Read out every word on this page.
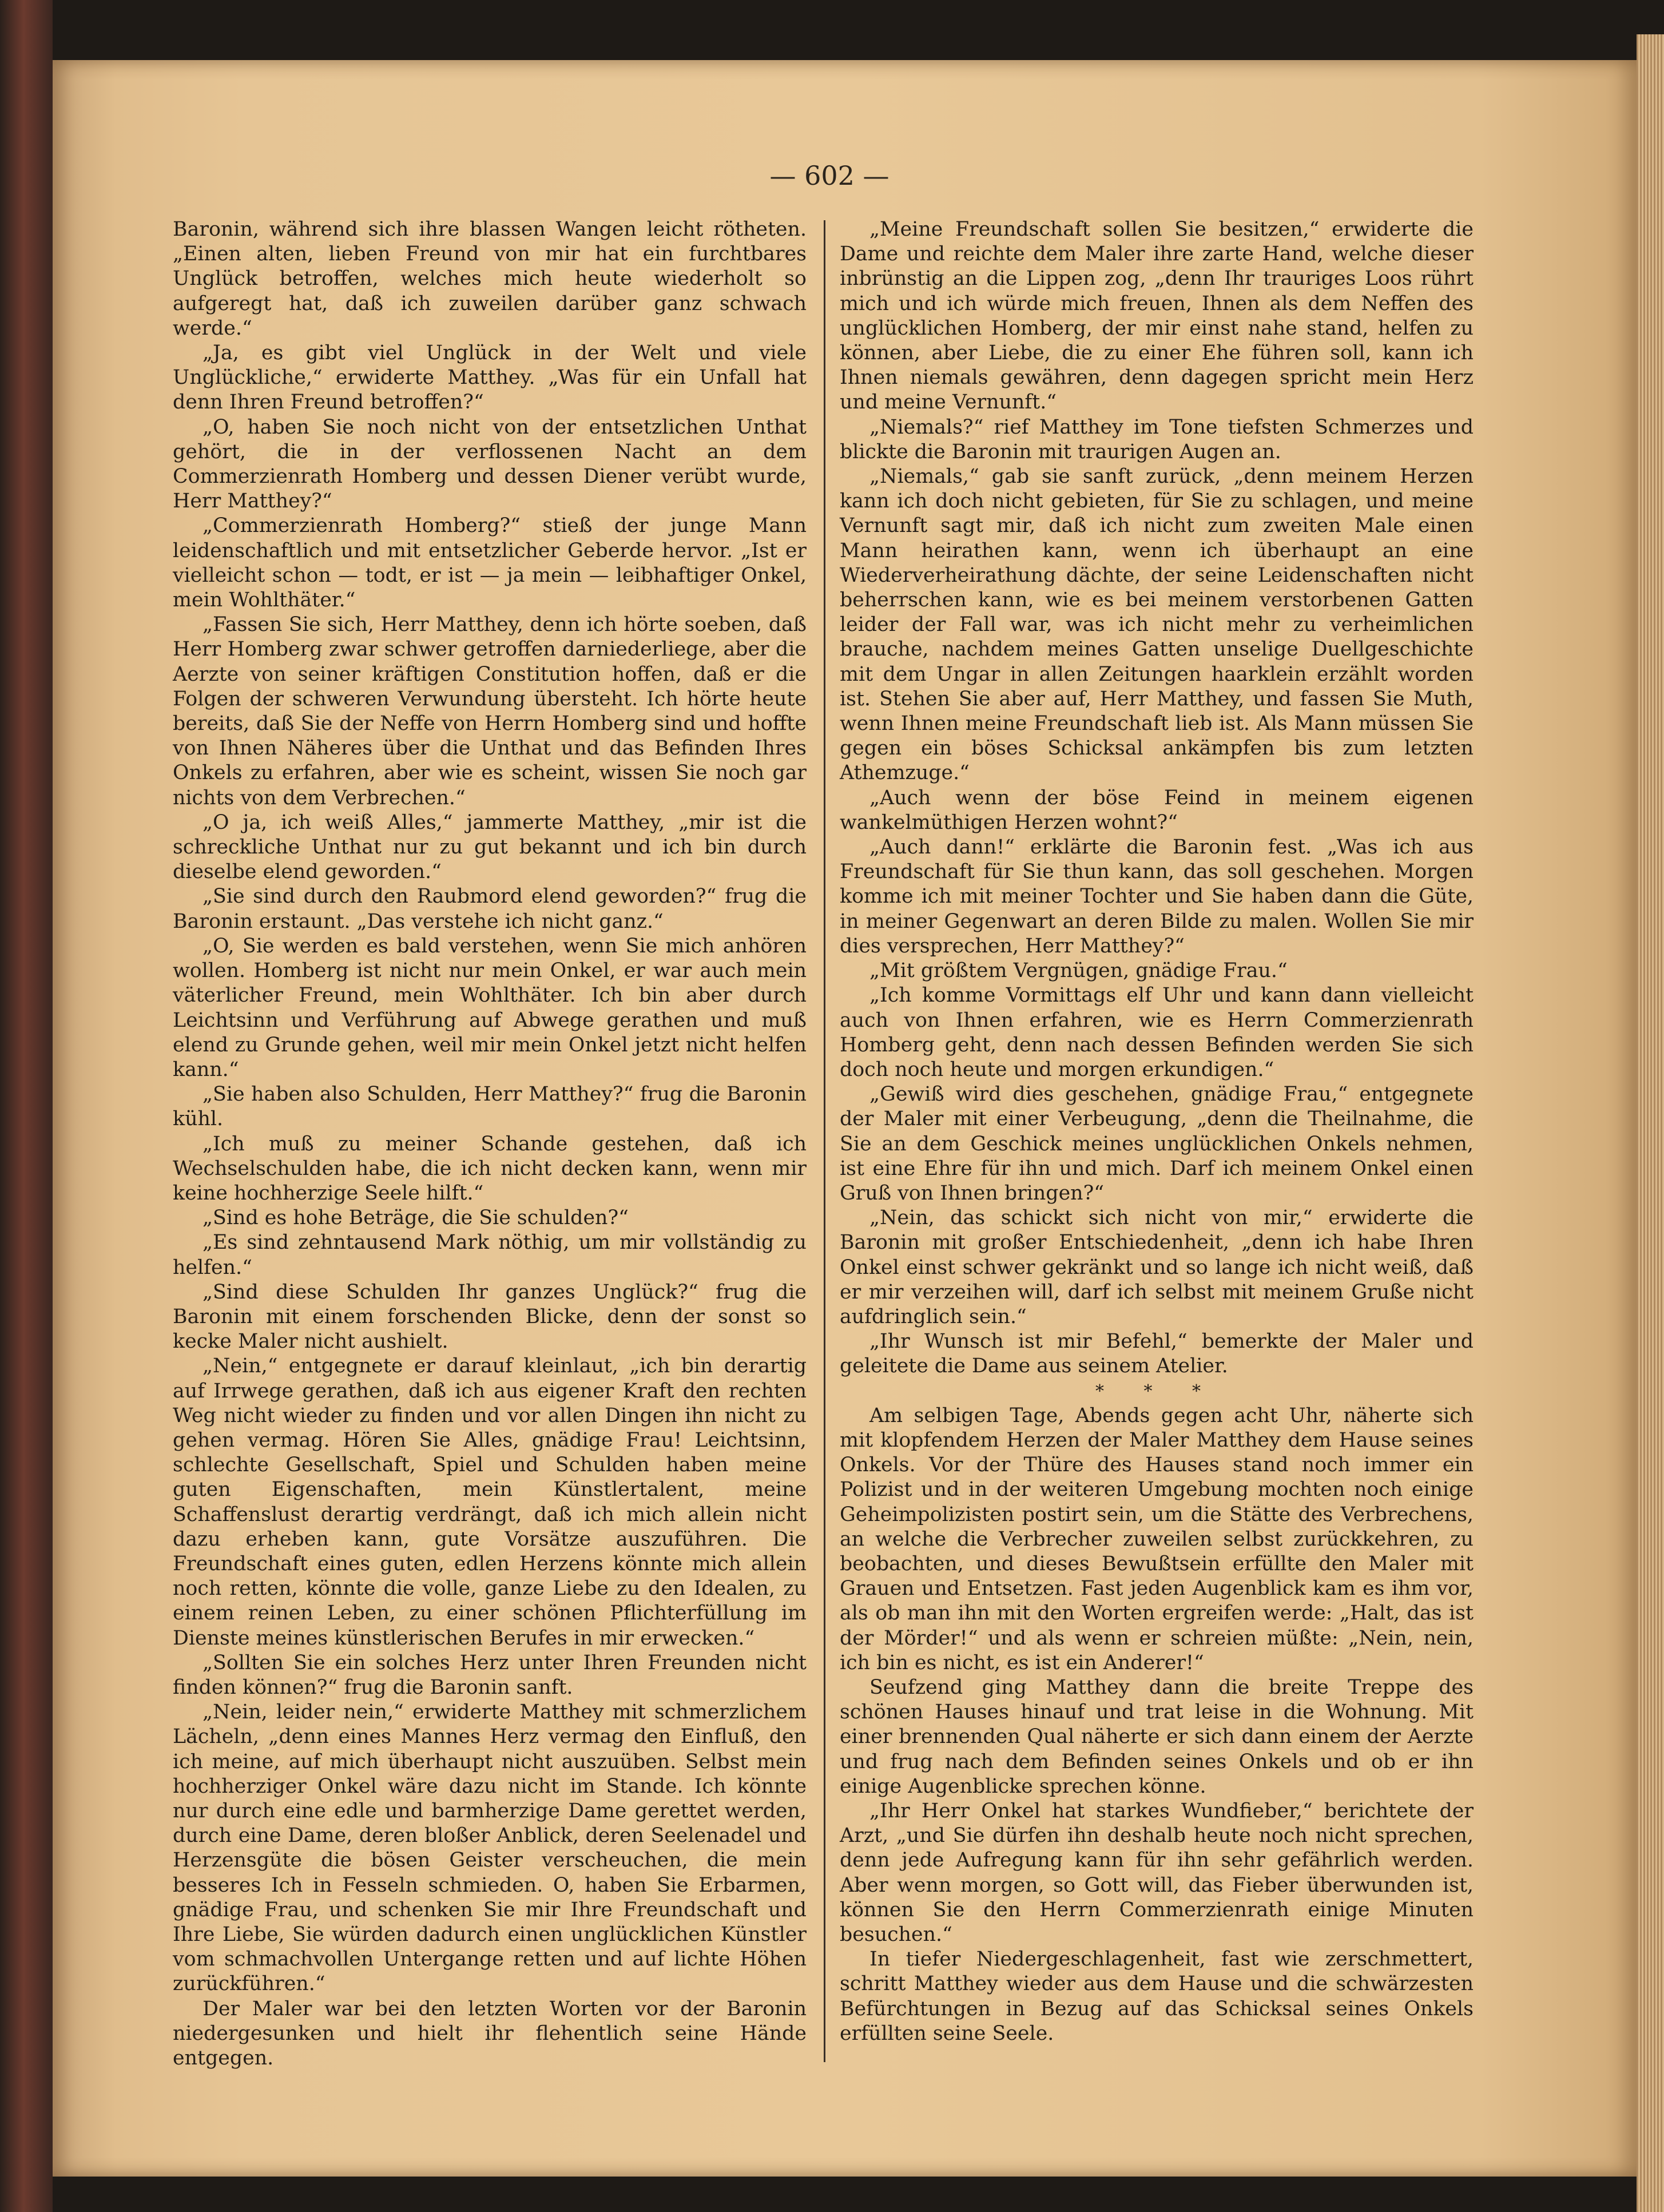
— 602 —

Baronin, während sich ihre blassen Wangen leicht rötheten. „Einen alten, lieben Freund von mir hat ein furchtbares Unglück betroffen, welches mich heute wiederholt so aufgeregt hat, daß ich zuweilen darüber ganz schwach werde.“

„Ja, es gibt viel Unglück in der Welt und viele Unglückliche,“ erwiderte Matthey. „Was für ein Unfall hat denn Ihren Freund betroffen?“

„O, haben Sie noch nicht von der entsetzlichen Unthat gehört, die in der verflossenen Nacht an dem Commerzienrath Homberg und dessen Diener verübt wurde, Herr Matthey?“

„Commerzienrath Homberg?“ stieß der junge Mann leidenschaftlich und mit entsetzlicher Geberde hervor. „Ist er vielleicht schon — todt, er ist — ja mein — leibhaftiger Onkel, mein Wohlthäter.“

„Fassen Sie sich, Herr Matthey, denn ich hörte soeben, daß Herr Homberg zwar schwer getroffen darniederliege, aber die Aerzte von seiner kräftigen Constitution hoffen, daß er die Folgen der schweren Verwundung übersteht. Ich hörte heute bereits, daß Sie der Neffe von Herrn Homberg sind und hoffte von Ihnen Näheres über die Unthat und das Befinden Ihres Onkels zu erfahren, aber wie es scheint, wissen Sie noch gar nichts von dem Verbrechen.“

„O ja, ich weiß Alles,“ jammerte Matthey, „mir ist die schreckliche Unthat nur zu gut bekannt und ich bin durch dieselbe elend geworden.“

„Sie sind durch den Raubmord elend geworden?“ frug die Baronin erstaunt. „Das verstehe ich nicht ganz.“

„O, Sie werden es bald verstehen, wenn Sie mich anhören wollen. Homberg ist nicht nur mein Onkel, er war auch mein väterlicher Freund, mein Wohlthäter. Ich bin aber durch Leichtsinn und Verführung auf Abwege gerathen und muß elend zu Grunde gehen, weil mir mein Onkel jetzt nicht helfen kann.“

„Sie haben also Schulden, Herr Matthey?“ frug die Baronin kühl.

„Ich muß zu meiner Schande gestehen, daß ich Wechselschulden habe, die ich nicht decken kann, wenn mir keine hochherzige Seele hilft.“

„Sind es hohe Beträge, die Sie schulden?“

„Es sind zehntausend Mark nöthig, um mir vollständig zu helfen.“

„Sind diese Schulden Ihr ganzes Unglück?“ frug die Baronin mit einem forschenden Blicke, denn der sonst so kecke Maler nicht aushielt.

„Nein,“ entgegnete er darauf kleinlaut, „ich bin derartig auf Irrwege gerathen, daß ich aus eigener Kraft den rechten Weg nicht wieder zu finden und vor allen Dingen ihn nicht zu gehen vermag. Hören Sie Alles, gnädige Frau! Leichtsinn, schlechte Gesellschaft, Spiel und Schulden haben meine guten Eigenschaften, mein Künstlertalent, meine Schaffenslust derartig verdrängt, daß ich mich allein nicht dazu erheben kann, gute Vorsätze auszuführen. Die Freundschaft eines guten, edlen Herzens könnte mich allein noch retten, könnte die volle, ganze Liebe zu den Idealen, zu einem reinen Leben, zu einer schönen Pflichterfüllung im Dienste meines künstlerischen Berufes in mir erwecken.“

„Sollten Sie ein solches Herz unter Ihren Freunden nicht finden können?“ frug die Baronin sanft.

„Nein, leider nein,“ erwiderte Matthey mit schmerzlichem Lächeln, „denn eines Mannes Herz vermag den Einfluß, den ich meine, auf mich überhaupt nicht auszuüben. Selbst mein hochherziger Onkel wäre dazu nicht im Stande. Ich könnte nur durch eine edle und barmherzige Dame gerettet werden, durch eine Dame, deren bloßer Anblick, deren Seelenadel und Herzensgüte die bösen Geister verscheuchen, die mein besseres Ich in Fesseln schmieden. O, haben Sie Erbarmen, gnädige Frau, und schenken Sie mir Ihre Freundschaft und Ihre Liebe, Sie würden dadurch einen unglücklichen Künstler vom schmachvollen Untergange retten und auf lichte Höhen zurückführen.“

Der Maler war bei den letzten Worten vor der Baronin niedergesunken und hielt ihr flehentlich seine Hände entgegen.

„Meine Freundschaft sollen Sie besitzen,“ erwiderte die Dame und reichte dem Maler ihre zarte Hand, welche dieser inbrünstig an die Lippen zog, „denn Ihr trauriges Loos rührt mich und ich würde mich freuen, Ihnen als dem Neffen des unglücklichen Homberg, der mir einst nahe stand, helfen zu können, aber Liebe, die zu einer Ehe führen soll, kann ich Ihnen niemals gewähren, denn dagegen spricht mein Herz und meine Vernunft.“

„Niemals?“ rief Matthey im Tone tiefsten Schmerzes und blickte die Baronin mit traurigen Augen an.

„Niemals,“ gab sie sanft zurück, „denn meinem Herzen kann ich doch nicht gebieten, für Sie zu schlagen, und meine Vernunft sagt mir, daß ich nicht zum zweiten Male einen Mann heirathen kann, wenn ich überhaupt an eine Wiederverheirathung dächte, der seine Leidenschaften nicht beherrschen kann, wie es bei meinem verstorbenen Gatten leider der Fall war, was ich nicht mehr zu verheimlichen brauche, nachdem meines Gatten unselige Duellgeschichte mit dem Ungar in allen Zeitungen haarklein erzählt worden ist. Stehen Sie aber auf, Herr Matthey, und fassen Sie Muth, wenn Ihnen meine Freundschaft lieb ist. Als Mann müssen Sie gegen ein böses Schicksal ankämpfen bis zum letzten Athemzuge.“

„Auch wenn der böse Feind in meinem eigenen wankelmüthigen Herzen wohnt?“

„Auch dann!“ erklärte die Baronin fest. „Was ich aus Freundschaft für Sie thun kann, das soll geschehen. Morgen komme ich mit meiner Tochter und Sie haben dann die Güte, in meiner Gegenwart an deren Bilde zu malen. Wollen Sie mir dies versprechen, Herr Matthey?“

„Mit größtem Vergnügen, gnädige Frau.“

„Ich komme Vormittags elf Uhr und kann dann vielleicht auch von Ihnen erfahren, wie es Herrn Commerzienrath Homberg geht, denn nach dessen Befinden werden Sie sich doch noch heute und morgen erkundigen.“

„Gewiß wird dies geschehen, gnädige Frau,“ entgegnete der Maler mit einer Verbeugung, „denn die Theilnahme, die Sie an dem Geschick meines unglücklichen Onkels nehmen, ist eine Ehre für ihn und mich. Darf ich meinem Onkel einen Gruß von Ihnen bringen?“

„Nein, das schickt sich nicht von mir,“ erwiderte die Baronin mit großer Entschiedenheit, „denn ich habe Ihren Onkel einst schwer gekränkt und so lange ich nicht weiß, daß er mir verzeihen will, darf ich selbst mit meinem Gruße nicht aufdringlich sein.“

„Ihr Wunsch ist mir Befehl,“ bemerkte der Maler und geleitete die Dame aus seinem Atelier.

* * *

Am selbigen Tage, Abends gegen acht Uhr, näherte sich mit klopfendem Herzen der Maler Matthey dem Hause seines Onkels. Vor der Thüre des Hauses stand noch immer ein Polizist und in der weiteren Umgebung mochten noch einige Geheimpolizisten postirt sein, um die Stätte des Verbrechens, an welche die Verbrecher zuweilen selbst zurückkehren, zu beobachten, und dieses Bewußtsein erfüllte den Maler mit Grauen und Entsetzen. Fast jeden Augenblick kam es ihm vor, als ob man ihn mit den Worten ergreifen werde: „Halt, das ist der Mörder!“ und als wenn er schreien müßte: „Nein, nein, ich bin es nicht, es ist ein Anderer!“

Seufzend ging Matthey dann die breite Treppe des schönen Hauses hinauf und trat leise in die Wohnung. Mit einer brennenden Qual näherte er sich dann einem der Aerzte und frug nach dem Befinden seines Onkels und ob er ihn einige Augenblicke sprechen könne.

„Ihr Herr Onkel hat starkes Wundfieber,“ berichtete der Arzt, „und Sie dürfen ihn deshalb heute noch nicht sprechen, denn jede Aufregung kann für ihn sehr gefährlich werden. Aber wenn morgen, so Gott will, das Fieber überwunden ist, können Sie den Herrn Commerzienrath einige Minuten besuchen.“

In tiefer Niedergeschlagenheit, fast wie zerschmettert, schritt Matthey wieder aus dem Hause und die schwärzesten Befürchtungen in Bezug auf das Schicksal seines Onkels erfüllten seine Seele.
